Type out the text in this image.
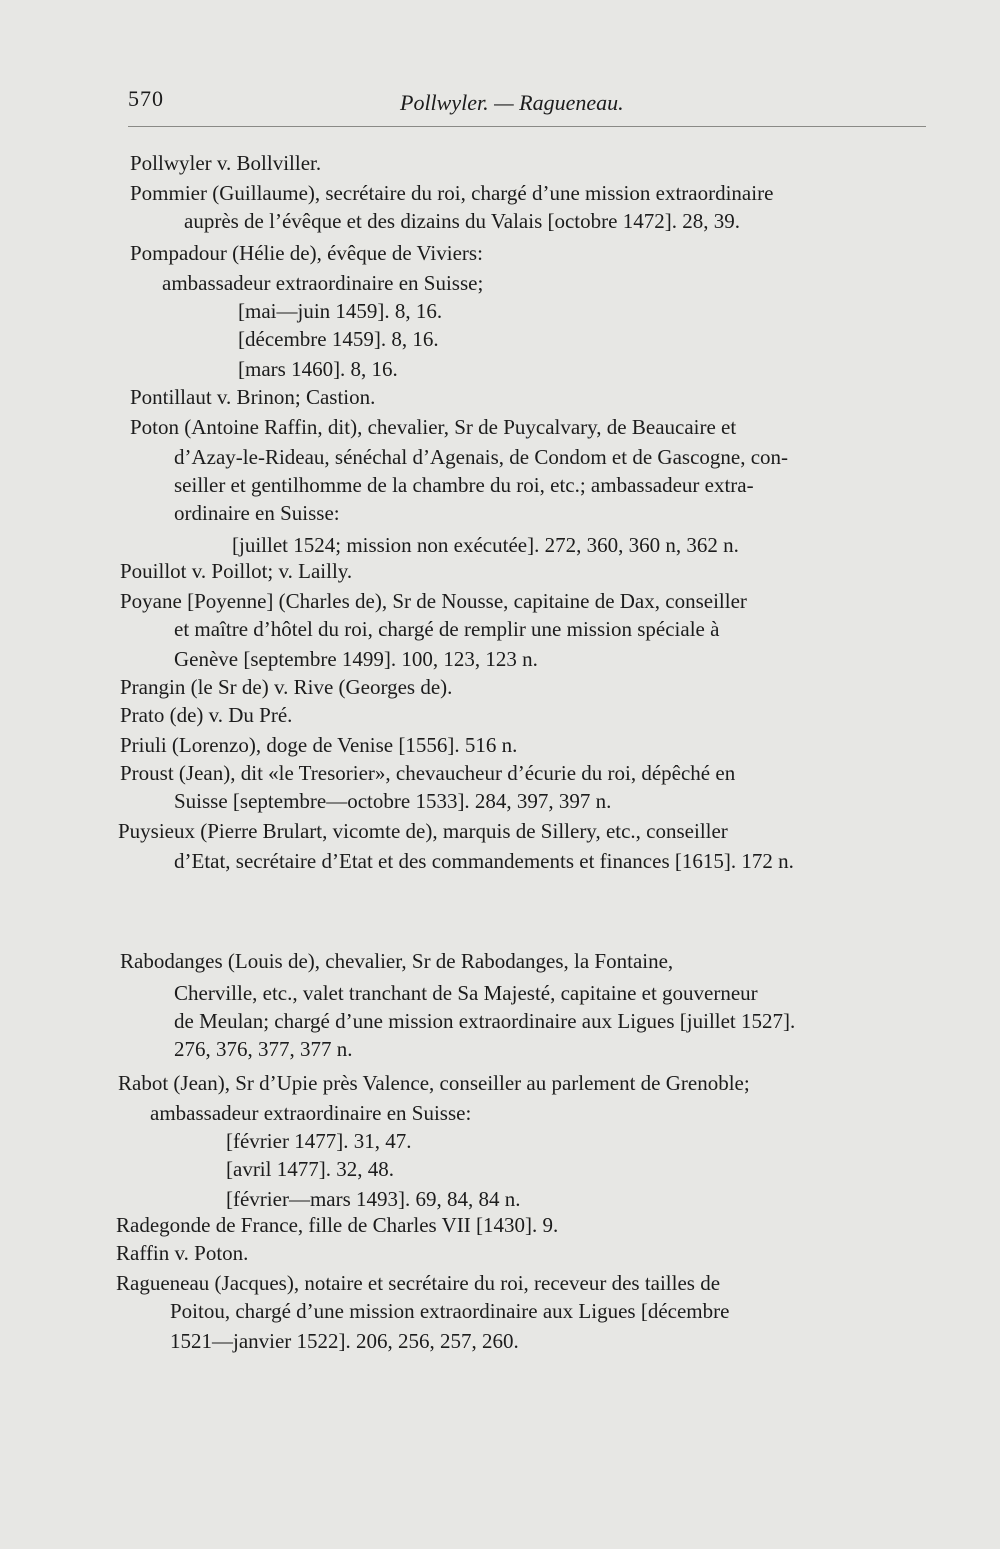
570	Pollwyler. — Ragueneau.
Pollwyler v. Bollviller.
Pommier (Guillaume), secrétaire du roi, chargé d’une mission extraordinaire
auprès de l’évêque et des dizains du Valais [octobre 1472]. 28, 39.
Pompadour (Hélie de), évêque de Viviers:
ambassadeur extraordinaire en Suisse;
[mai—juin 1459]. 8, 16.
[décembre 1459]. 8, 16.
[mars 1460]. 8, 16.
Pontillaut v. Brinon; Castion.
Poton (Antoine Raffin, dit), chevalier, Sr de Puycalvary, de Beaucaire et
d’Azay-le-Rideau, sénéchal d’Agenais, de Condom et de Gascogne, con-
seiller et gentilhomme de la chambre du roi, etc.; ambassadeur extra-
ordinaire en Suisse:
[juillet 1524; mission non exécutée]. 272, 360, 360 n, 362 n.
Pouillot v. Poillot; v. Lailly.
Poyane [Poyenne] (Charles de), Sr de Nousse, capitaine de Dax, conseiller
et maître d’hôtel du roi, chargé de remplir une mission spéciale à
Genève [septembre 1499]. 100, 123, 123 n.
Prangin (le Sr de) v. Rive (Georges de).
Prato (de) v. Du Pré.
Priuli (Lorenzo), doge de Venise [1556]. 516 n.
Proust (Jean), dit «le Tresorier», chevaucheur d’écurie du roi, dépêché en
Suisse [septembre—octobre 1533]. 284, 397, 397 n.
Puysieux (Pierre Brulart, vicomte de), marquis de Sillery, etc., conseiller
d’Etat, secrétaire d’Etat et des commandements et finances [1615]. 172 n.
Rabodanges (Louis de), chevalier, Sr de Rabodanges, la Fontaine,
Cherville, etc., valet tranchant de Sa Majesté, capitaine et gouverneur
de Meulan; chargé d’une mission extraordinaire aux Ligues [juillet 1527].
276, 376, 377, 377 n.
Rabot (Jean), Sr d’Upie près Valence, conseiller au parlement de Grenoble;
ambassadeur extraordinaire en Suisse:
[février 1477]. 31, 47.
[avril 1477]. 32, 48.
[février—mars 1493]. 69, 84, 84 n.
Radegonde de France, fille de Charles VII [1430]. 9.
Raffin v. Poton.
Ragueneau (Jacques), notaire et secrétaire du roi, receveur des tailles de
Poitou, chargé d’une mission extraordinaire aux Ligues [décembre
1521—janvier 1522]. 206, 256, 257, 260.
